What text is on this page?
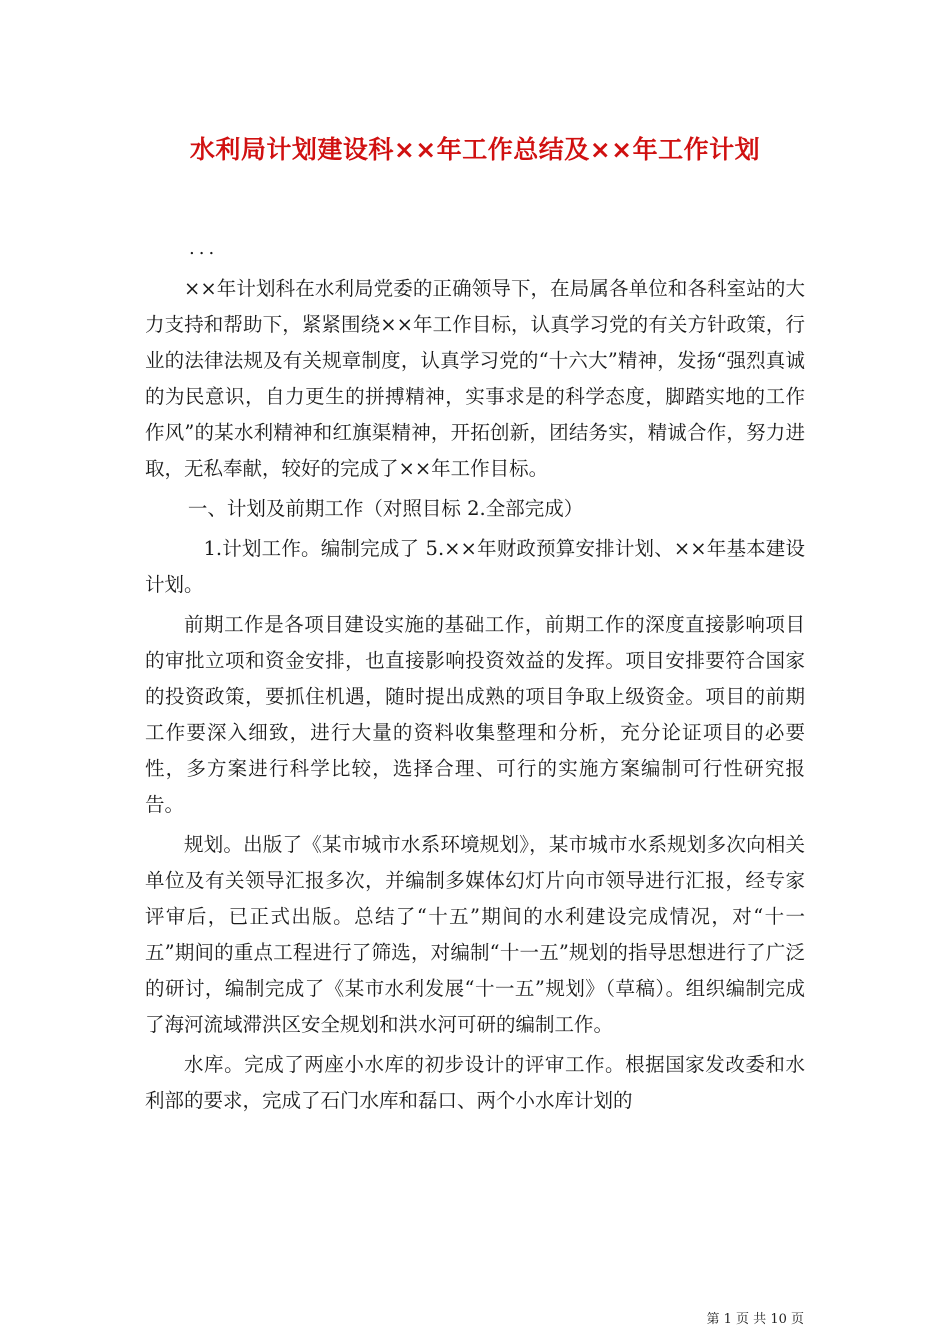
水利局计划建设科××年工作总结及××年工作计划
...

××年计划科在水利局党委的正确领导下，在局属各单位和各科室站的大力支持和帮助下，紧紧围绕××年工作目标，认真学习党的有关方针政策，行业的法律法规及有关规章制度，认真学习党的“十六大”精神，发扬“强烈真诚的为民意识，自力更生的拼搏精神，实事求是的科学态度，脚踏实地的工作作风”的某水利精神和红旗渠精神，开拓创新，团结务实，精诚合作，努力进取，无私奉献，较好的完成了××年工作目标。

一、计划及前期工作（对照目标 2.全部完成）

1.计划工作。编制完成了 5.××年财政预算安排计划、××年基本建设计划。

前期工作是各项目建设实施的基础工作，前期工作的深度直接影响项目的审批立项和资金安排，也直接影响投资效益的发挥。项目安排要符合国家的投资政策，要抓住机遇，随时提出成熟的项目争取上级资金。项目的前期工作要深入细致，进行大量的资料收集整理和分析，充分论证项目的必要性，多方案进行科学比较，选择合理、可行的实施方案编制可行性研究报告。

规划。出版了《某市城市水系环境规划》，某市城市水系规划多次向相关单位及有关领导汇报多次，并编制多媒体幻灯片向市领导进行汇报，经专家评审后，已正式出版。总结了“十五”期间的水利建设完成情况，对“十一五”期间的重点工程进行了筛选，对编制“十一五”规划的指导思想进行了广泛的研讨，编制完成了《某市水利发展“十一五”规划》（草稿）。组织编制完成了海河流域滞洪区安全规划和洪水河可研的编制工作。

水库。完成了两座小水库的初步设计的评审工作。根据国家发改委和水利部的要求，完成了石门水库和磊口、两个小水库计划的

第 1 页 共 10 页
